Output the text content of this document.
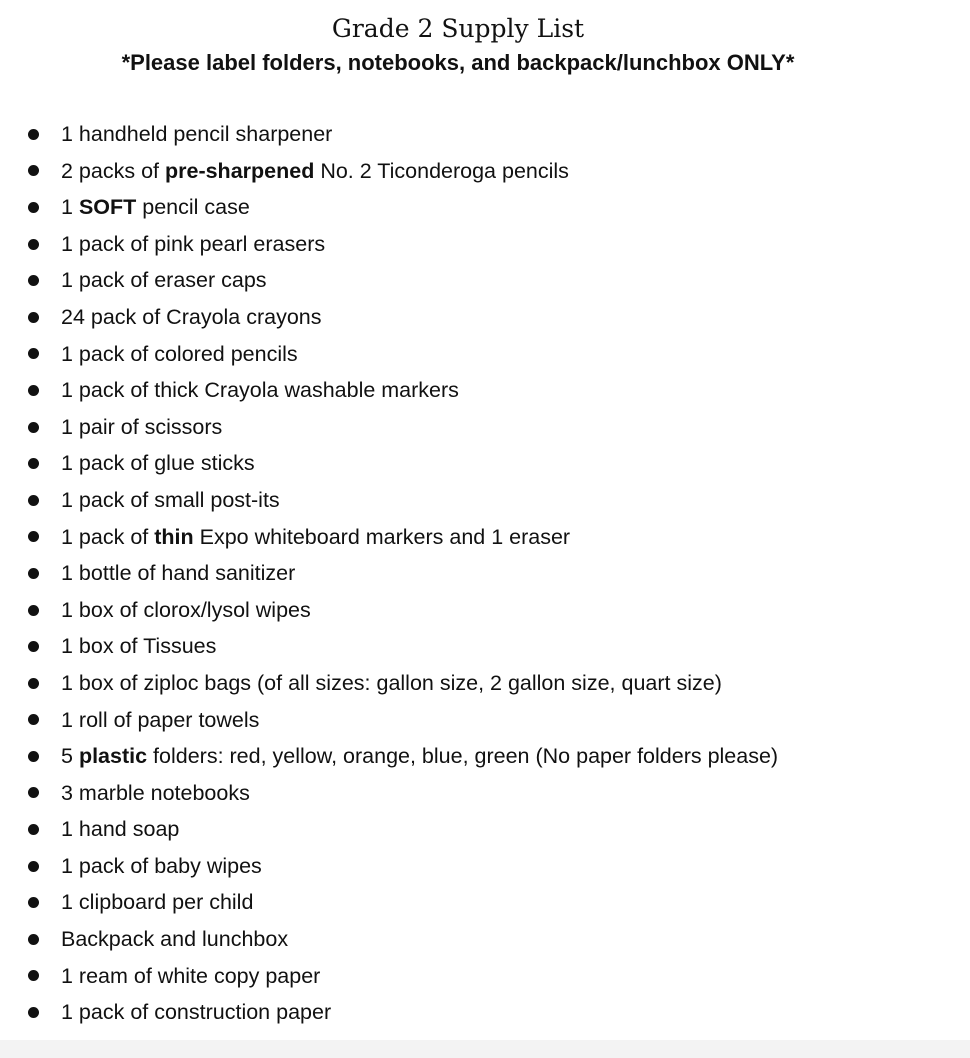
Grade 2 Supply List

*Please label folders, notebooks, and backpack/lunchbox ONLY*

1 handheld pencil sharpener
2 packs of pre-sharpened No. 2 Ticonderoga pencils
1 SOFT pencil case
1 pack of pink pearl erasers
1 pack of eraser caps
24 pack of Crayola crayons
1 pack of colored pencils
1 pack of thick Crayola washable markers
1 pair of scissors
1 pack of glue sticks
1 pack of small post-its
1 pack of thin Expo whiteboard markers and 1 eraser
1 bottle of hand sanitizer
1 box of clorox/lysol wipes
1 box of Tissues
1 box of ziploc bags (of all sizes: gallon size, 2 gallon size, quart size)
1 roll of paper towels
5 plastic folders: red, yellow, orange, blue, green (No paper folders please)
3 marble notebooks
1 hand soap
1 pack of baby wipes
1 clipboard per child
Backpack and lunchbox
1 ream of white copy paper
1 pack of construction paper
